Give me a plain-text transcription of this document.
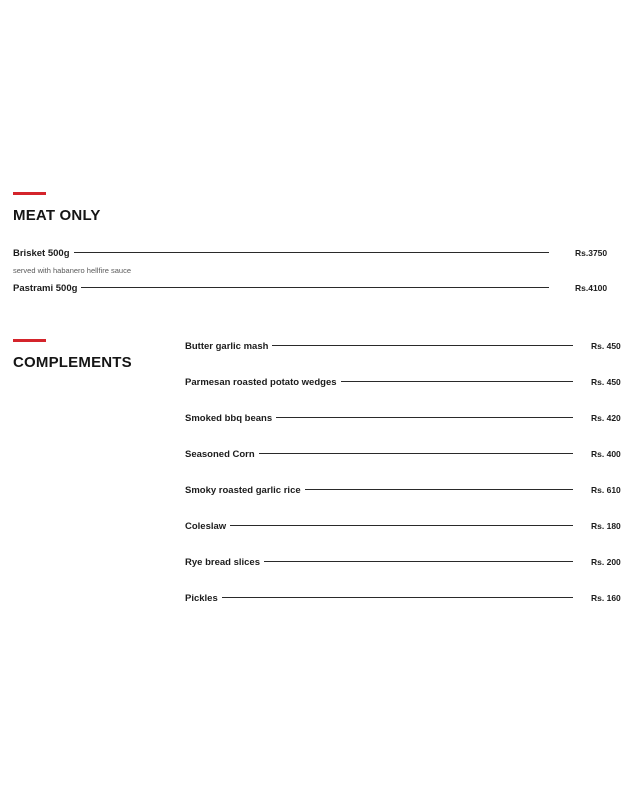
MEAT ONLY
Brisket 500g	Rs.3750
served with habanero hellfire sauce
Pastrami 500g	Rs.4100
COMPLEMENTS
Butter garlic mash	Rs. 450
Parmesan roasted potato wedges	Rs. 450
Smoked bbq beans	Rs. 420
Seasoned Corn	Rs. 400
Smoky roasted garlic rice	Rs. 610
Coleslaw	Rs. 180
Rye bread slices	Rs. 200
Pickles	Rs. 160
